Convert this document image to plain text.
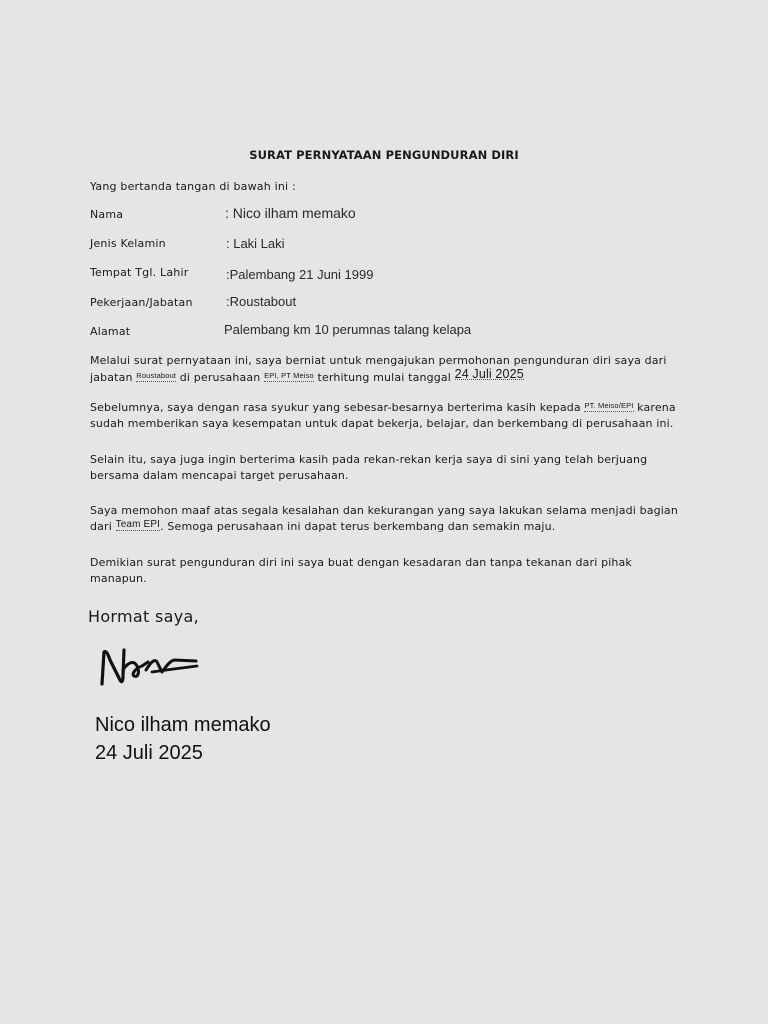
SURAT PERNYATAAN PENGUNDURAN DIRI
Yang bertanda tangan di bawah ini :
Nama	: Nico ilham memako
Jenis Kelamin	: Laki Laki
Tempat Tgl. Lahir	:Palembang 21 Juni 1999
Pekerjaan/Jabatan	:Roustabout
Alamat	Palembang km 10 perumnas talang kelapa

Melalui surat pernyataan ini, saya berniat untuk mengajukan permohonan pengunduran diri saya dari jabatan Roustabout di perusahaan EPI, PT Meiso terhitung mulai tanggal 24 Juli 2025

Sebelumnya, saya dengan rasa syukur yang sebesar-besarnya berterima kasih kepada PT. Meiso/EPI karena sudah memberikan saya kesempatan untuk dapat bekerja, belajar, dan berkembang di perusahaan ini.

Selain itu, saya juga ingin berterima kasih pada rekan-rekan kerja saya di sini yang telah berjuang bersama dalam mencapai target perusahaan.

Saya memohon maaf atas segala kesalahan dan kekurangan yang saya lakukan selama menjadi bagian dari Team EPI. Semoga perusahaan ini dapat terus berkembang dan semakin maju.

Demikian surat pengunduran diri ini saya buat dengan kesadaran dan tanpa tekanan dari pihak manapun.

Hormat saya,
Nico ilham memako
24 Juli 2025
